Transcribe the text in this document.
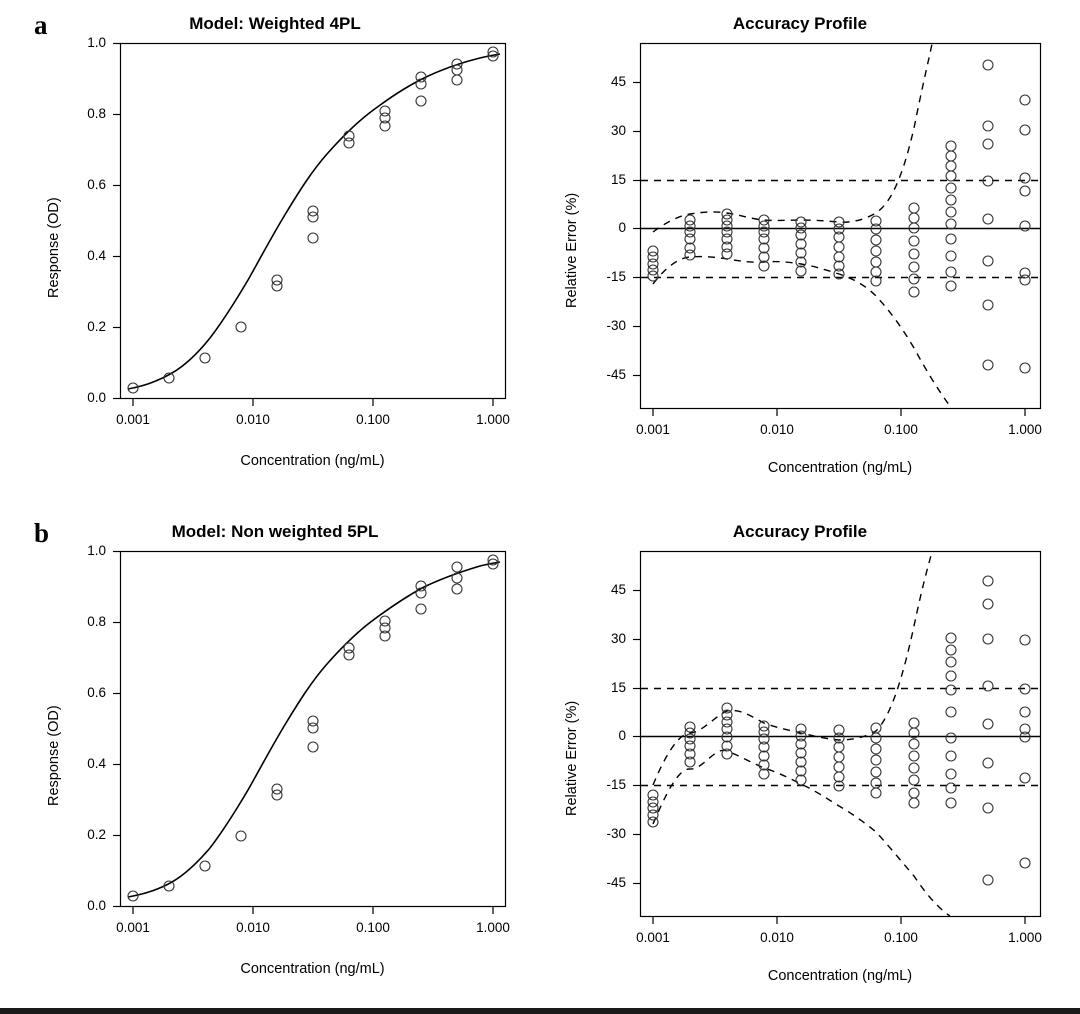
a	Model: Weighted 4PL
0.0
0.2
0.4
0.6
0.8
1.0
0.001	0.010	0.100	1.000
Concentration (ng/mL)
Response (OD)
Accuracy Profile
-45
-30
-15
0
15
30
45
0.001	0.010	0.100	1.000
Concentration (ng/mL)
Relative Error (%)
b	Model: Non weighted 5PL
0.0
0.2
0.4
0.6
0.8
1.0
0.001	0.010	0.100	1.000
Concentration (ng/mL)
Response (OD)
Accuracy Profile
-45
-30
-15
0
15
30
45
0.001	0.010	0.100	1.000
Concentration (ng/mL)
Relative Error (%)
